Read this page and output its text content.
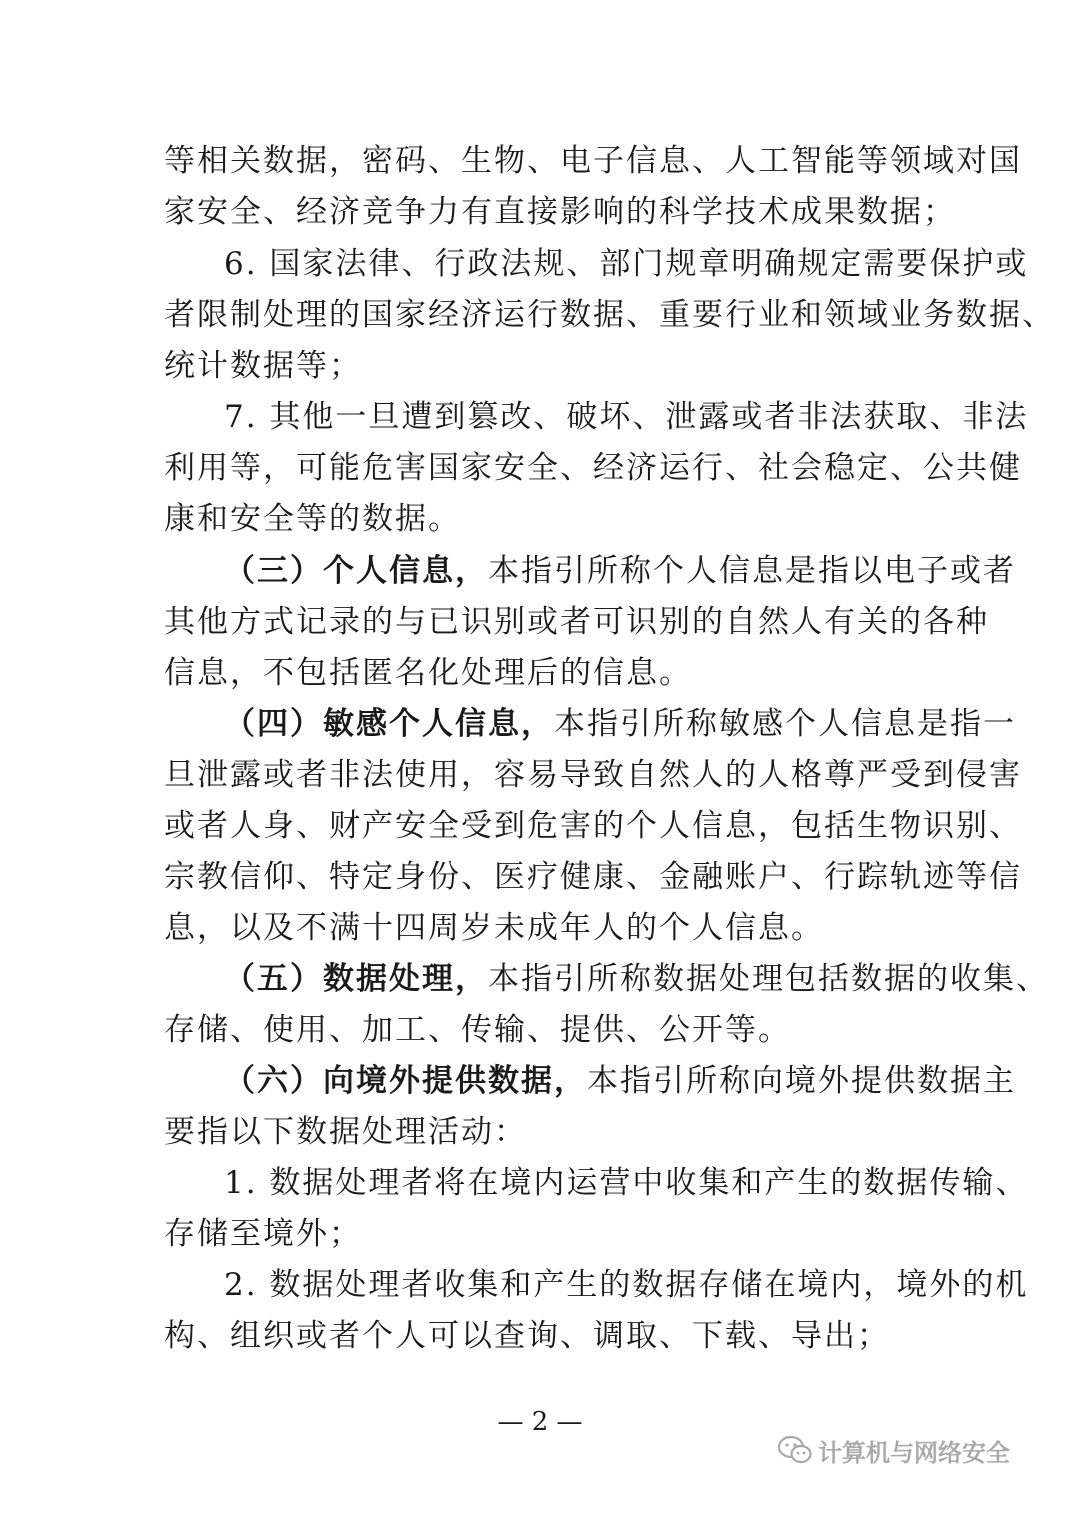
等相关数据，密码、生物、电子信息、人工智能等领域对国
家安全、经济竞争力有直接影响的科学技术成果数据；
6. 国家法律、行政法规、部门规章明确规定需要保护或
者限制处理的国家经济运行数据、重要行业和领域业务数据、
统计数据等；
7. 其他一旦遭到篡改、破坏、泄露或者非法获取、非法
利用等，可能危害国家安全、经济运行、社会稳定、公共健
康和安全等的数据。
（三）个人信息，本指引所称个人信息是指以电子或者
其他方式记录的与已识别或者可识别的自然人有关的各种
信息，不包括匿名化处理后的信息。
（四）敏感个人信息，本指引所称敏感个人信息是指一
旦泄露或者非法使用，容易导致自然人的人格尊严受到侵害
或者人身、财产安全受到危害的个人信息，包括生物识别、
宗教信仰、特定身份、医疗健康、金融账户、行踪轨迹等信
息，以及不满十四周岁未成年人的个人信息。
（五）数据处理，本指引所称数据处理包括数据的收集、
存储、使用、加工、传输、提供、公开等。
（六）向境外提供数据，本指引所称向境外提供数据主
要指以下数据处理活动：
1. 数据处理者将在境内运营中收集和产生的数据传输、
存储至境外；
2. 数据处理者收集和产生的数据存储在境内，境外的机
构、组织或者个人可以查询、调取、下载、导出；
— 2 —
计算机与网络安全
